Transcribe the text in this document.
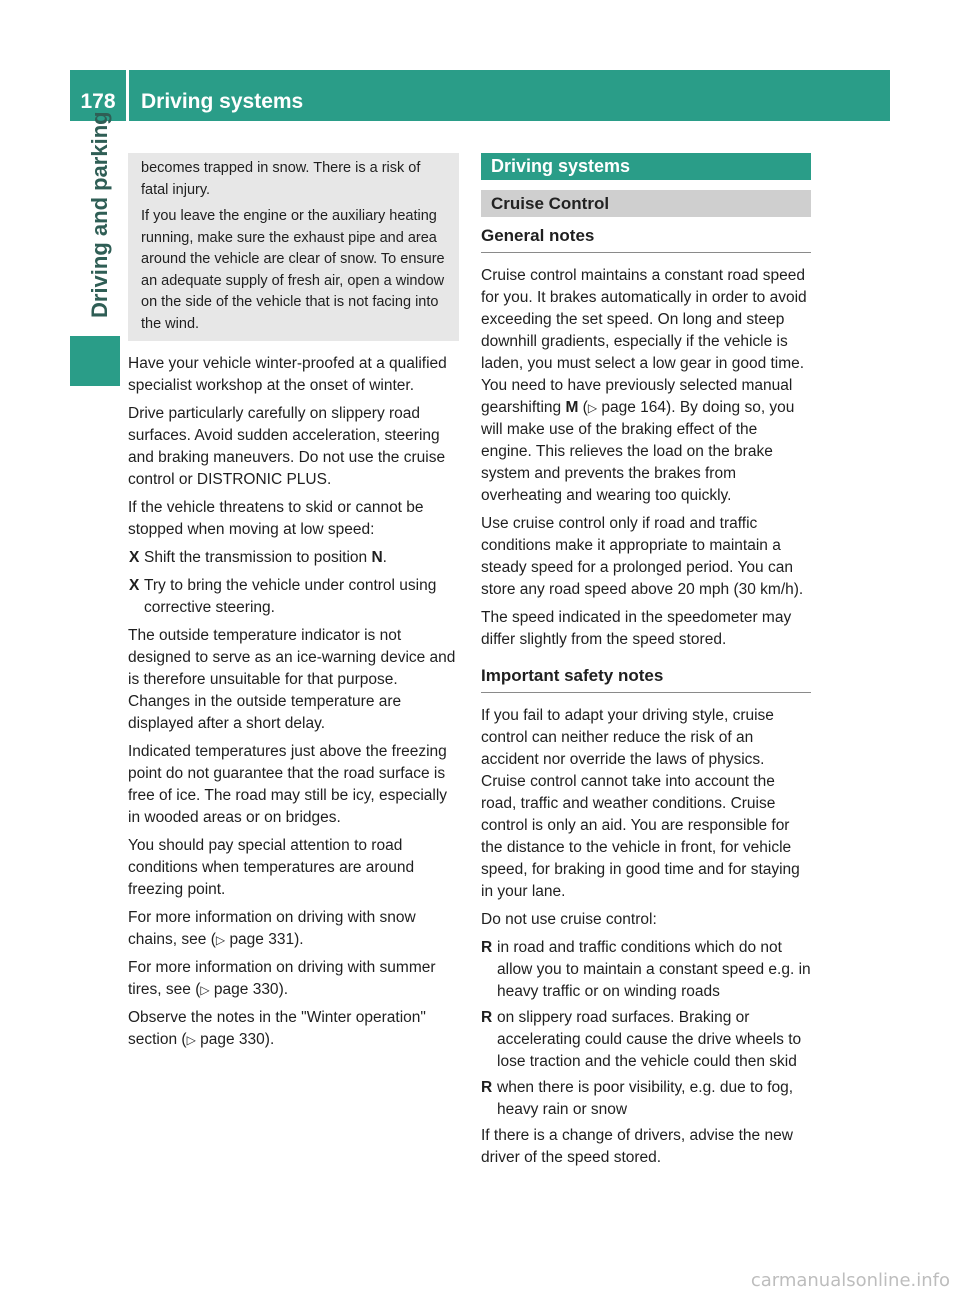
178	Driving systems
Driving and parking becomes trapped in snow. There is a risk of fatal injury.

If you leave the engine or the auxiliary heating running, make sure the exhaust pipe and area around the vehicle are clear of snow. To ensure an adequate supply of fresh air, open a window on the side of the vehicle that is not facing into the wind.

Have your vehicle winter-proofed at a qualified specialist workshop at the onset of winter.

Drive particularly carefully on slippery road surfaces. Avoid sudden acceleration, steering and braking maneuvers. Do not use the cruise control or DISTRONIC PLUS.

If the vehicle threatens to skid or cannot be stopped when moving at low speed:

X Shift the transmission to position N.
X Try to bring the vehicle under control using corrective steering.

The outside temperature indicator is not designed to serve as an ice-warning device and is therefore unsuitable for that purpose. Changes in the outside temperature are displayed after a short delay.

Indicated temperatures just above the freezing point do not guarantee that the road surface is free of ice. The road may still be icy, especially in wooded areas or on bridges.

You should pay special attention to road conditions when temperatures are around freezing point.

For more information on driving with snow chains, see (▷ page 331).

For more information on driving with summer tires, see (▷ page 330).

Observe the notes in the "Winter operation" section (▷ page 330).

Driving systems
Cruise Control
General notes

Cruise control maintains a constant road speed for you. It brakes automatically in order to avoid exceeding the set speed. On long and steep downhill gradients, especially if the vehicle is laden, you must select a low gear in good time. You need to have previously selected manual gearshifting M (▷ page 164). By doing so, you will make use of the braking effect of the engine. This relieves the load on the brake system and prevents the brakes from overheating and wearing too quickly.

Use cruise control only if road and traffic conditions make it appropriate to maintain a steady speed for a prolonged period. You can store any road speed above 20 mph (30 km/h).

The speed indicated in the speedometer may differ slightly from the speed stored.

Important safety notes

If you fail to adapt your driving style, cruise control can neither reduce the risk of an accident nor override the laws of physics. Cruise control cannot take into account the road, traffic and weather conditions. Cruise control is only an aid. You are responsible for the distance to the vehicle in front, for vehicle speed, for braking in good time and for staying in your lane.

Do not use cruise control:

R in road and traffic conditions which do not allow you to maintain a constant speed e.g. in heavy traffic or on winding roads
R on slippery road surfaces. Braking or accelerating could cause the drive wheels to lose traction and the vehicle could then skid
R when there is poor visibility, e.g. due to fog, heavy rain or snow

If there is a change of drivers, advise the new driver of the speed stored.

carmanualsonline.info
